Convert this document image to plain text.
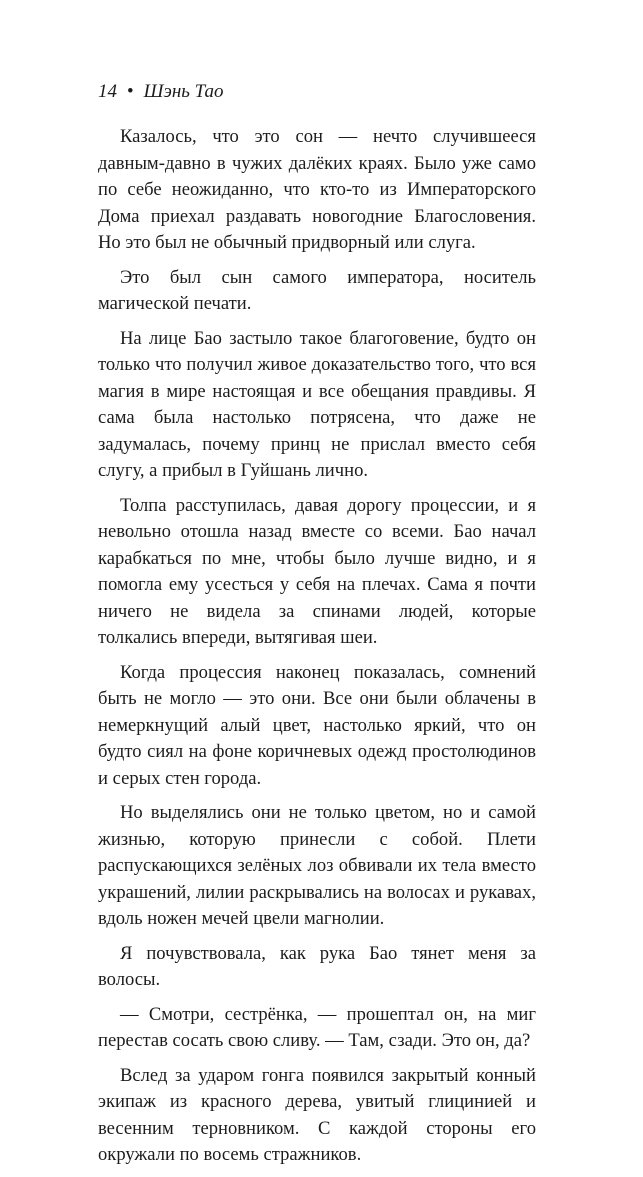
14 • Шэнь Тао

Казалось, что это сон — нечто случившееся давным-давно в чужих далёких краях. Было уже само по себе неожиданно, что кто-то из Императорского Дома приехал раздавать новогодние Благословения. Но это был не обычный придворный или слуга.

Это был сын самого императора, носитель магической печати.

На лице Бао застыло такое благоговение, будто он только что получил живое доказательство того, что вся магия в мире настоящая и все обещания правдивы. Я сама была настолько потрясена, что даже не задумалась, почему принц не прислал вместо себя слугу, а прибыл в Гуйшань лично.

Толпа расступилась, давая дорогу процессии, и я невольно отошла назад вместе со всеми. Бао начал карабкаться по мне, чтобы было лучше видно, и я помогла ему усесться у себя на плечах. Сама я почти ничего не видела за спинами людей, которые толкались впереди, вытягивая шеи.

Когда процессия наконец показалась, сомнений быть не могло — это они. Все они были облачены в немеркнущий алый цвет, настолько яркий, что он будто сиял на фоне коричневых одежд простолюдинов и серых стен города.

Но выделялись они не только цветом, но и самой жизнью, которую принесли с собой. Плети распускающихся зелёных лоз обвивали их тела вместо украшений, лилии раскрывались на волосах и рукавах, вдоль ножен мечей цвели магнолии.

Я почувствовала, как рука Бао тянет меня за волосы.

— Смотри, сестрёнка, — прошептал он, на миг перестав сосать свою сливу. — Там, сзади. Это он, да?

Вслед за ударом гонга появился закрытый конный экипаж из красного дерева, увитый глицинией и весенним терновником. С каждой стороны его окружали по восемь стражников.
